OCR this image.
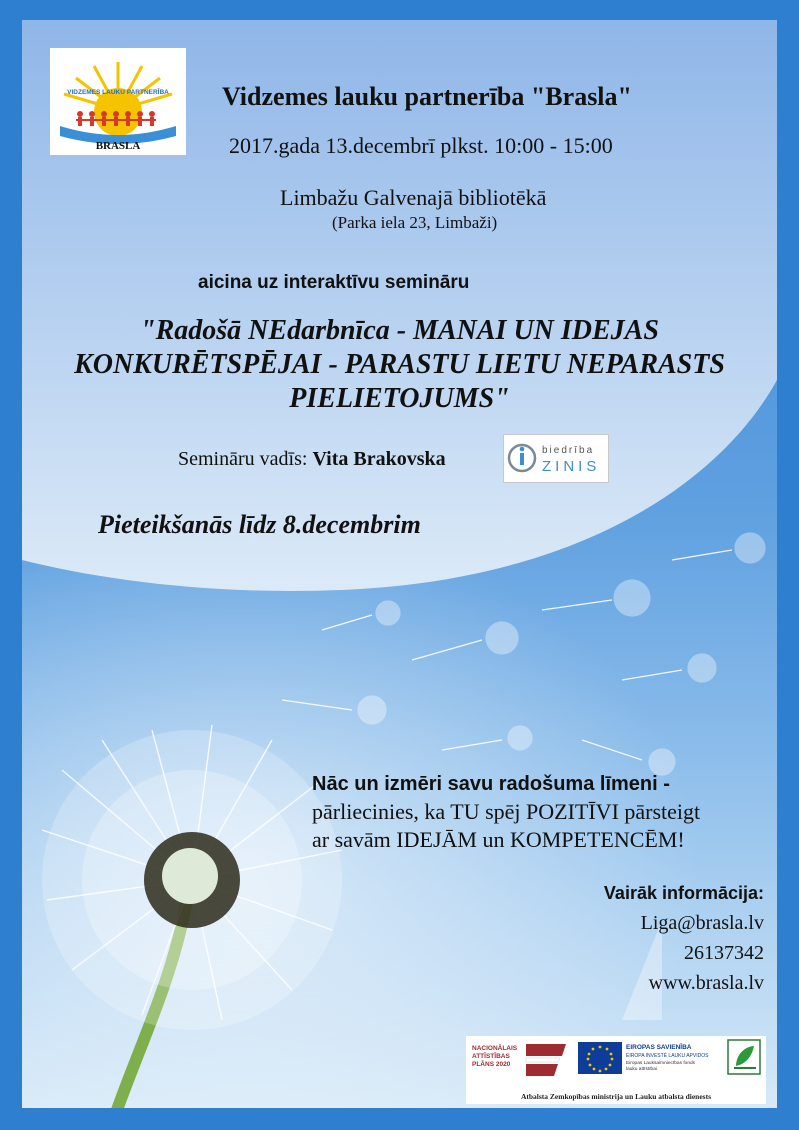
VIDZEMES LAUKU PARTNERĪBA
BRASLA
Vidzemes lauku partnerība "Brasla"
2017.gada 13.decembrī plkst. 10:00 - 15:00
Limbažu Galvenajā bibliotēkā
(Parka iela 23, Limbaži)
aicina uz interaktīvu semināru
"Radošā NEdarbnīca - MANAI UN IDEJAS
KONKURĒTSPĒJAI - PARASTU LIETU NEPARASTS
PIELIETOJUMS"
Semināru vadīs: Vita Brakovska	biedrība
ZINIS
Pieteikšanās līdz 8.decembrim
Nāc un izmēri savu radošuma līmeni -
pārliecinies, ka TU spēj POZITĪVI pārsteigt
ar savām IDEJĀM un KOMPETENCĒM!
Vairāk informācija:
Liga@brasla.lv
26137342
www.brasla.lv
NACIONĀLAIS
ATTĪSTĪBAS
PLĀNS 2020
EIROPAS SAVIENĪBA
EIROPA INVESTĒ LAUKU APVIDOS
Eiropas Lauksaimniecības fonds
lauku attīstībai
Atbalsta Zemkopības ministrija un Lauku atbalsta dienests
